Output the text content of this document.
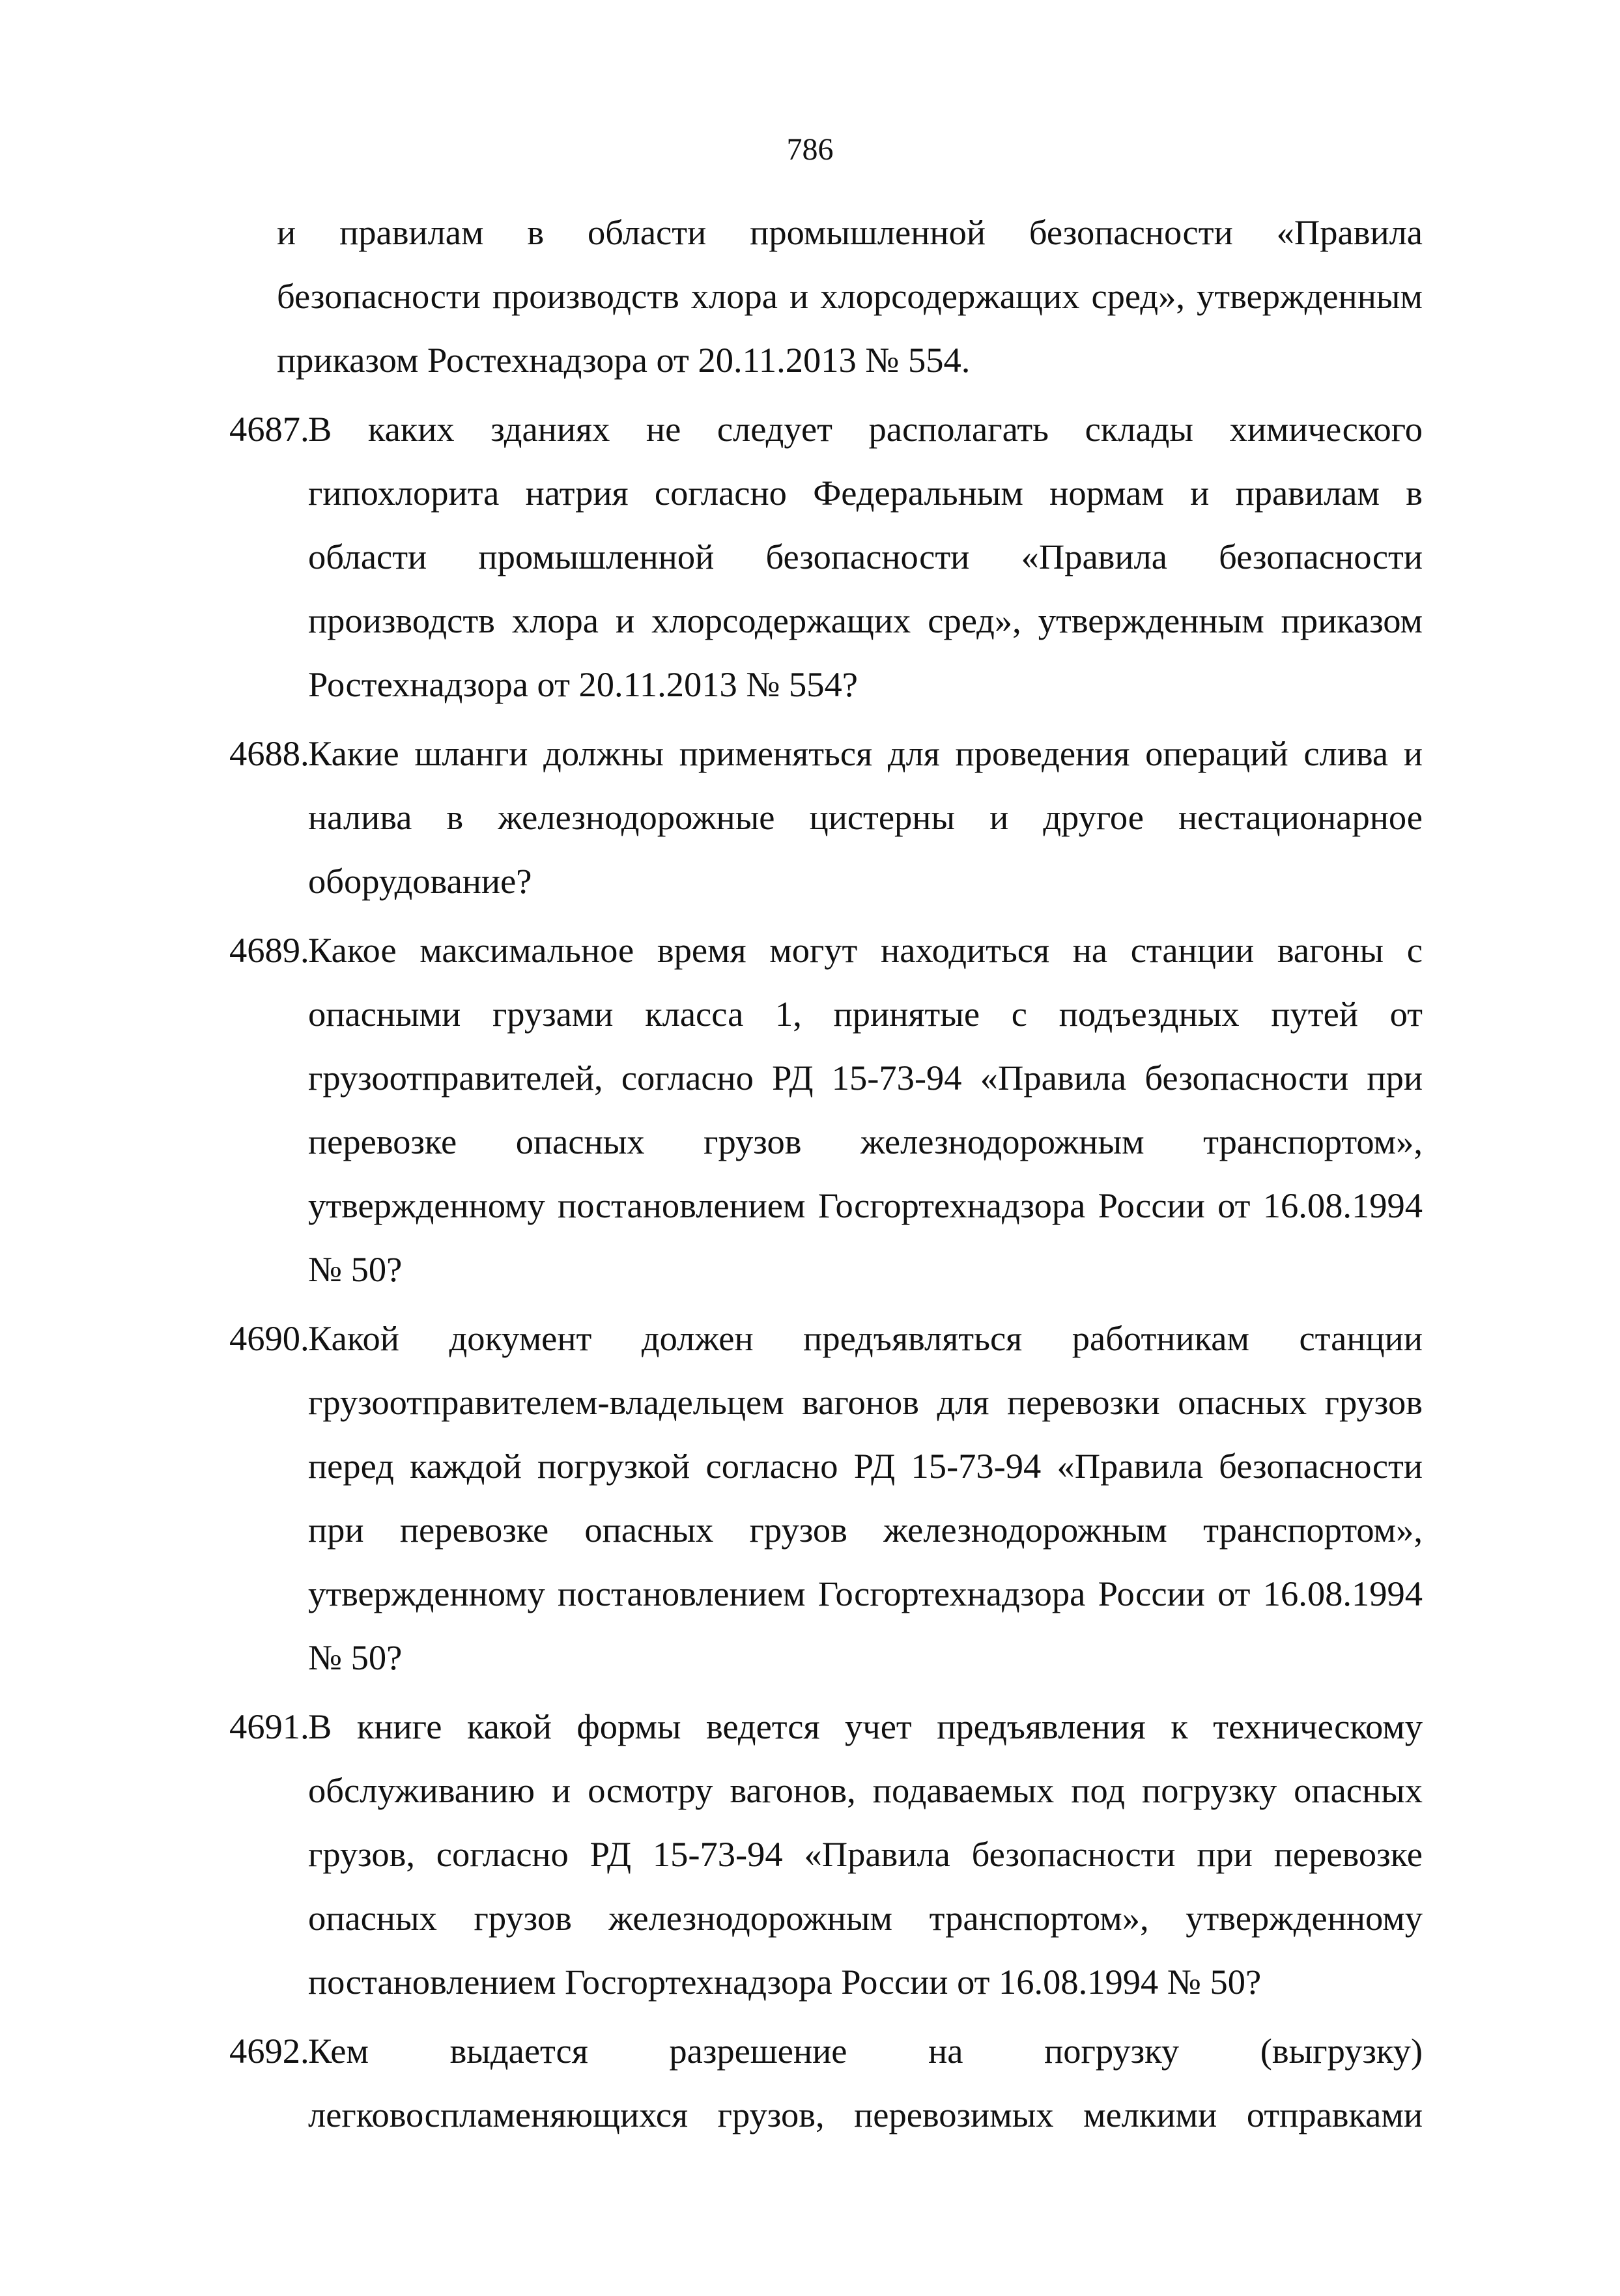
786

и правилам в области промышленной безопасности «Правила безопасности производств хлора и хлорсодержащих сред», утвержденным приказом Ростехнадзора от 20.11.2013 № 554.

4687.
В каких зданиях не следует располагать склады химического гипохлорита натрия согласно Федеральным нормам и правилам в области промышленной безопасности «Правила безопасности производств хлора и хлорсодержащих сред», утвержденным приказом Ростехнадзора от 20.11.2013 № 554?
4688.
Какие шланги должны применяться для проведения операций слива и налива в железнодорожные цистерны и другое нестационарное оборудование?
4689.
Какое максимальное время могут находиться на станции вагоны с опасными грузами класса 1, принятые с подъездных путей от грузоотправителей, согласно РД 15-73-94 «Правила безопасности при перевозке опасных грузов железнодорожным транспортом», утвержденному постановлением Госгортехнадзора России от 16.08.1994 № 50?
4690.
Какой документ должен предъявляться работникам станции грузоотправителем-владельцем вагонов для перевозки опасных грузов перед каждой погрузкой согласно РД 15-73-94 «Правила безопасности при перевозке опасных грузов железнодорожным транспортом», утвержденному постановлением Госгортехнадзора России от 16.08.1994 № 50?
4691.
В книге какой формы ведется учет предъявления к техническому обслуживанию и осмотру вагонов, подаваемых под погрузку опасных грузов, согласно РД 15-73-94 «Правила безопасности при перевозке опасных грузов железнодорожным транспортом», утвержденному постановлением Госгортехнадзора России от 16.08.1994 № 50?
4692.
Кем выдается разрешение на погрузку (выгрузку) легковоспламеняющихся грузов, перевозимых мелкими отправками
